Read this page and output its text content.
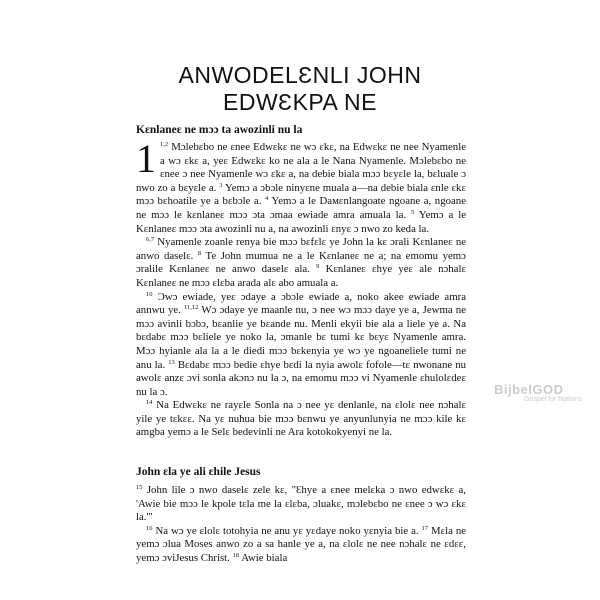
ANWODELƐNLI JOHN
EDWƐKPA NE
Kɛnlaneɛ ne mɔɔ ta awozinli nu la

1 $^{1,2}$ Mɔlebɛbo ne ɛnee Edwɛkɛ ne wɔ ɛkɛ, na Edwɛkɛ ne nee Nyamenle a wɔ ɛkɛ a, yeɛ Edwɛkɛ ko ne ala a le Nana Nyamenle. Mɔlebɛbo ne ɛnee ɔ nee Nyamenle wɔ ɛkɛ a, na debie biala mɔɔ bɛyɛle la, bɛluale ɔ nwo zo a bɛyɛle a. $^3$ Yemɔ a ɔbɔle ninyɛne muala a—na debie biala ɛnle ɛkɛ mɔɔ bɛhoatile ye a bɛbɔle a. $^4$ Yemɔ a le Daмɛnlangoate ngoane a, ngoane ne mɔɔ le kɛnlaneɛ mɔɔ ɔta ɔmaa ewiade amra amuala la. $^5$ Yemɔ a le Kɛnlaneɛ mɔɔ ɔta awozinli nu a, na awozinli ɛnyɛ ɔ nwo zo keda la.

$^{6,7}$ Nyamenle zoanle renya bie mɔɔ bɛfɛlɛ ye John la kɛ ɔrali Kɛnlaneɛ ne anwo daselɛ. $^8$ Te John mumua ne a le Kɛnlaneɛ ne a; na emomu yemɔ ɔralile Kɛnlaneɛ ne anwo daselɛ ala. $^9$ Kɛnlaneɛ ɛhye yeɛ ale nɔhalɛ Kɛnlaneɛ ne mɔɔ ɛlɛba arada alɛ abo amuala a.

$^{10}$ Ɔwɔ ewiade, yeɛ ɔdaye a ɔbɔle ewiade a, noko akee ewiade amra annwu ye. $^{11,12}$ Wɔ ɔdaye ye maanle nu, ɔ nee wɔ mɔɔ daye ye a, Jewma ne mɔɔ avinli bɔbɔ, bɛanlie ye bɛande nu. Menli ekyii bie ala a liele ye a. Na bɛdabɛ mɔɔ bɛliele ye noko la, ɔmanle bɛ tumi kɛ bɛyɛ Nyamenle amra. Mɔɔ hyianle ala la a le diedi mɔɔ bɛkenyia ye wɔ ye ngoaneliele tumi ne anu la. $^{13}$ Bɛdabɛ mɔɔ bedie ɛhye bɛdi la nyia awolɛ fofole—tɛ nwonane nu awolɛ anzɛ ɔvi sonla akɔnɔ nu la ɔ, na emomu mɔɔ vi Nyamenle ɛhulolɛdeɛ nu la ɔ.

$^{14}$ Na Edwɛkɛ ne rayɛle Sonla na ɔ nee yɛ denlanle, na ɛlolɛ nee nɔhalɛ yile ye tɛkɛɛ. Na yɛ nuhua bie mɔɔ bɛnwu ye anyunlunyia ne mɔɔ kile kɛ amgba yemɔ a le Selɛ bedevinli ne Ara kotokokyenyi ne la.

John ɛla ye ali ɛhile Jesus

$^{15}$ John lile ɔ nwo daselɛ zele kɛ, "Ɛhye a ɛnee melɛka ɔ nwo edwɛkɛ a, 'Awie bie mɔɔ le kpole tɛla me la ɛlɛba, ɔluakɛ, mɔlebɛbo ne ɛnee ɔ wɔ ɛkɛ la.'"

$^{16}$ Na wɔ ye ɛlolɛ totohyia ne anu yɛ yɛdaye noko yɛnyia bie a. $^{17}$ Mɛla ne yemɔ ɔlua Moses anwo zo a sa hanle ye a, na ɛlolɛ ne nee nɔhalɛ ne ɛdɛɛ, yemɔ ɔviJesus Christ. $^{18}$ Awie biala

BijbelGOD
Gospel for Nations
